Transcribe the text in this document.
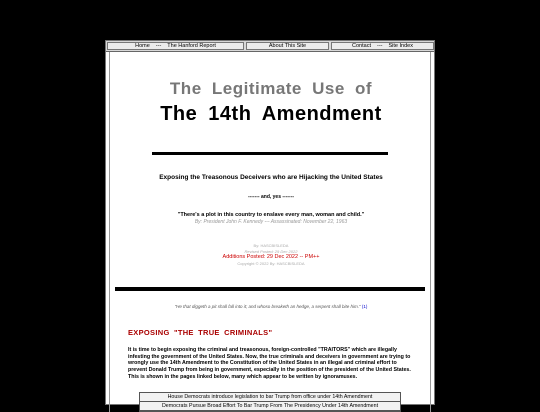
Home --- The Hanford Report	About This Site	Contact --- Site Index
The Legitimate Use of
The 14th Amendment
Exposing the Treasonous Deceivers who are Hijacking the United States
------- and, yes -------
"There's a plot in this country to enslave every man, woman and child."
By: President John F. Kennedy --- Assassinated: November 22, 1963
By: HASCBISLEDA
Revised Posted: 29 Dec 2022
Additions Posted: 29 Dec 2022 -- PM++
Copyright © 2022 By: HASCBISLEDA
"He that diggeth a pit shall fall into it; and whoso breaketh an hedge, a serpent shall bite him." (1)
EXPOSING "THE TRUE CRIMINALS"
It is time to begin exposing the criminal and treasonous, foreign-controlled "TRAITORS" which are illegally infesting the government of the United States. Now, the true criminals and deceivers in government are trying to wrongly use the 14th Amendment to the Constitution of the United States in an illegal and criminal effort to prevent Donald Trump from being in government, especially in the position of the president of the United States. This is shown in the pages linked below, many which appear to be written by ignoramuses.
House Democrats introduce legislation to bar Trump from office under 14th Amendment
Democrats Pursue Broad Effort To Bar Trump From The Presidency Under 14th Amendment
